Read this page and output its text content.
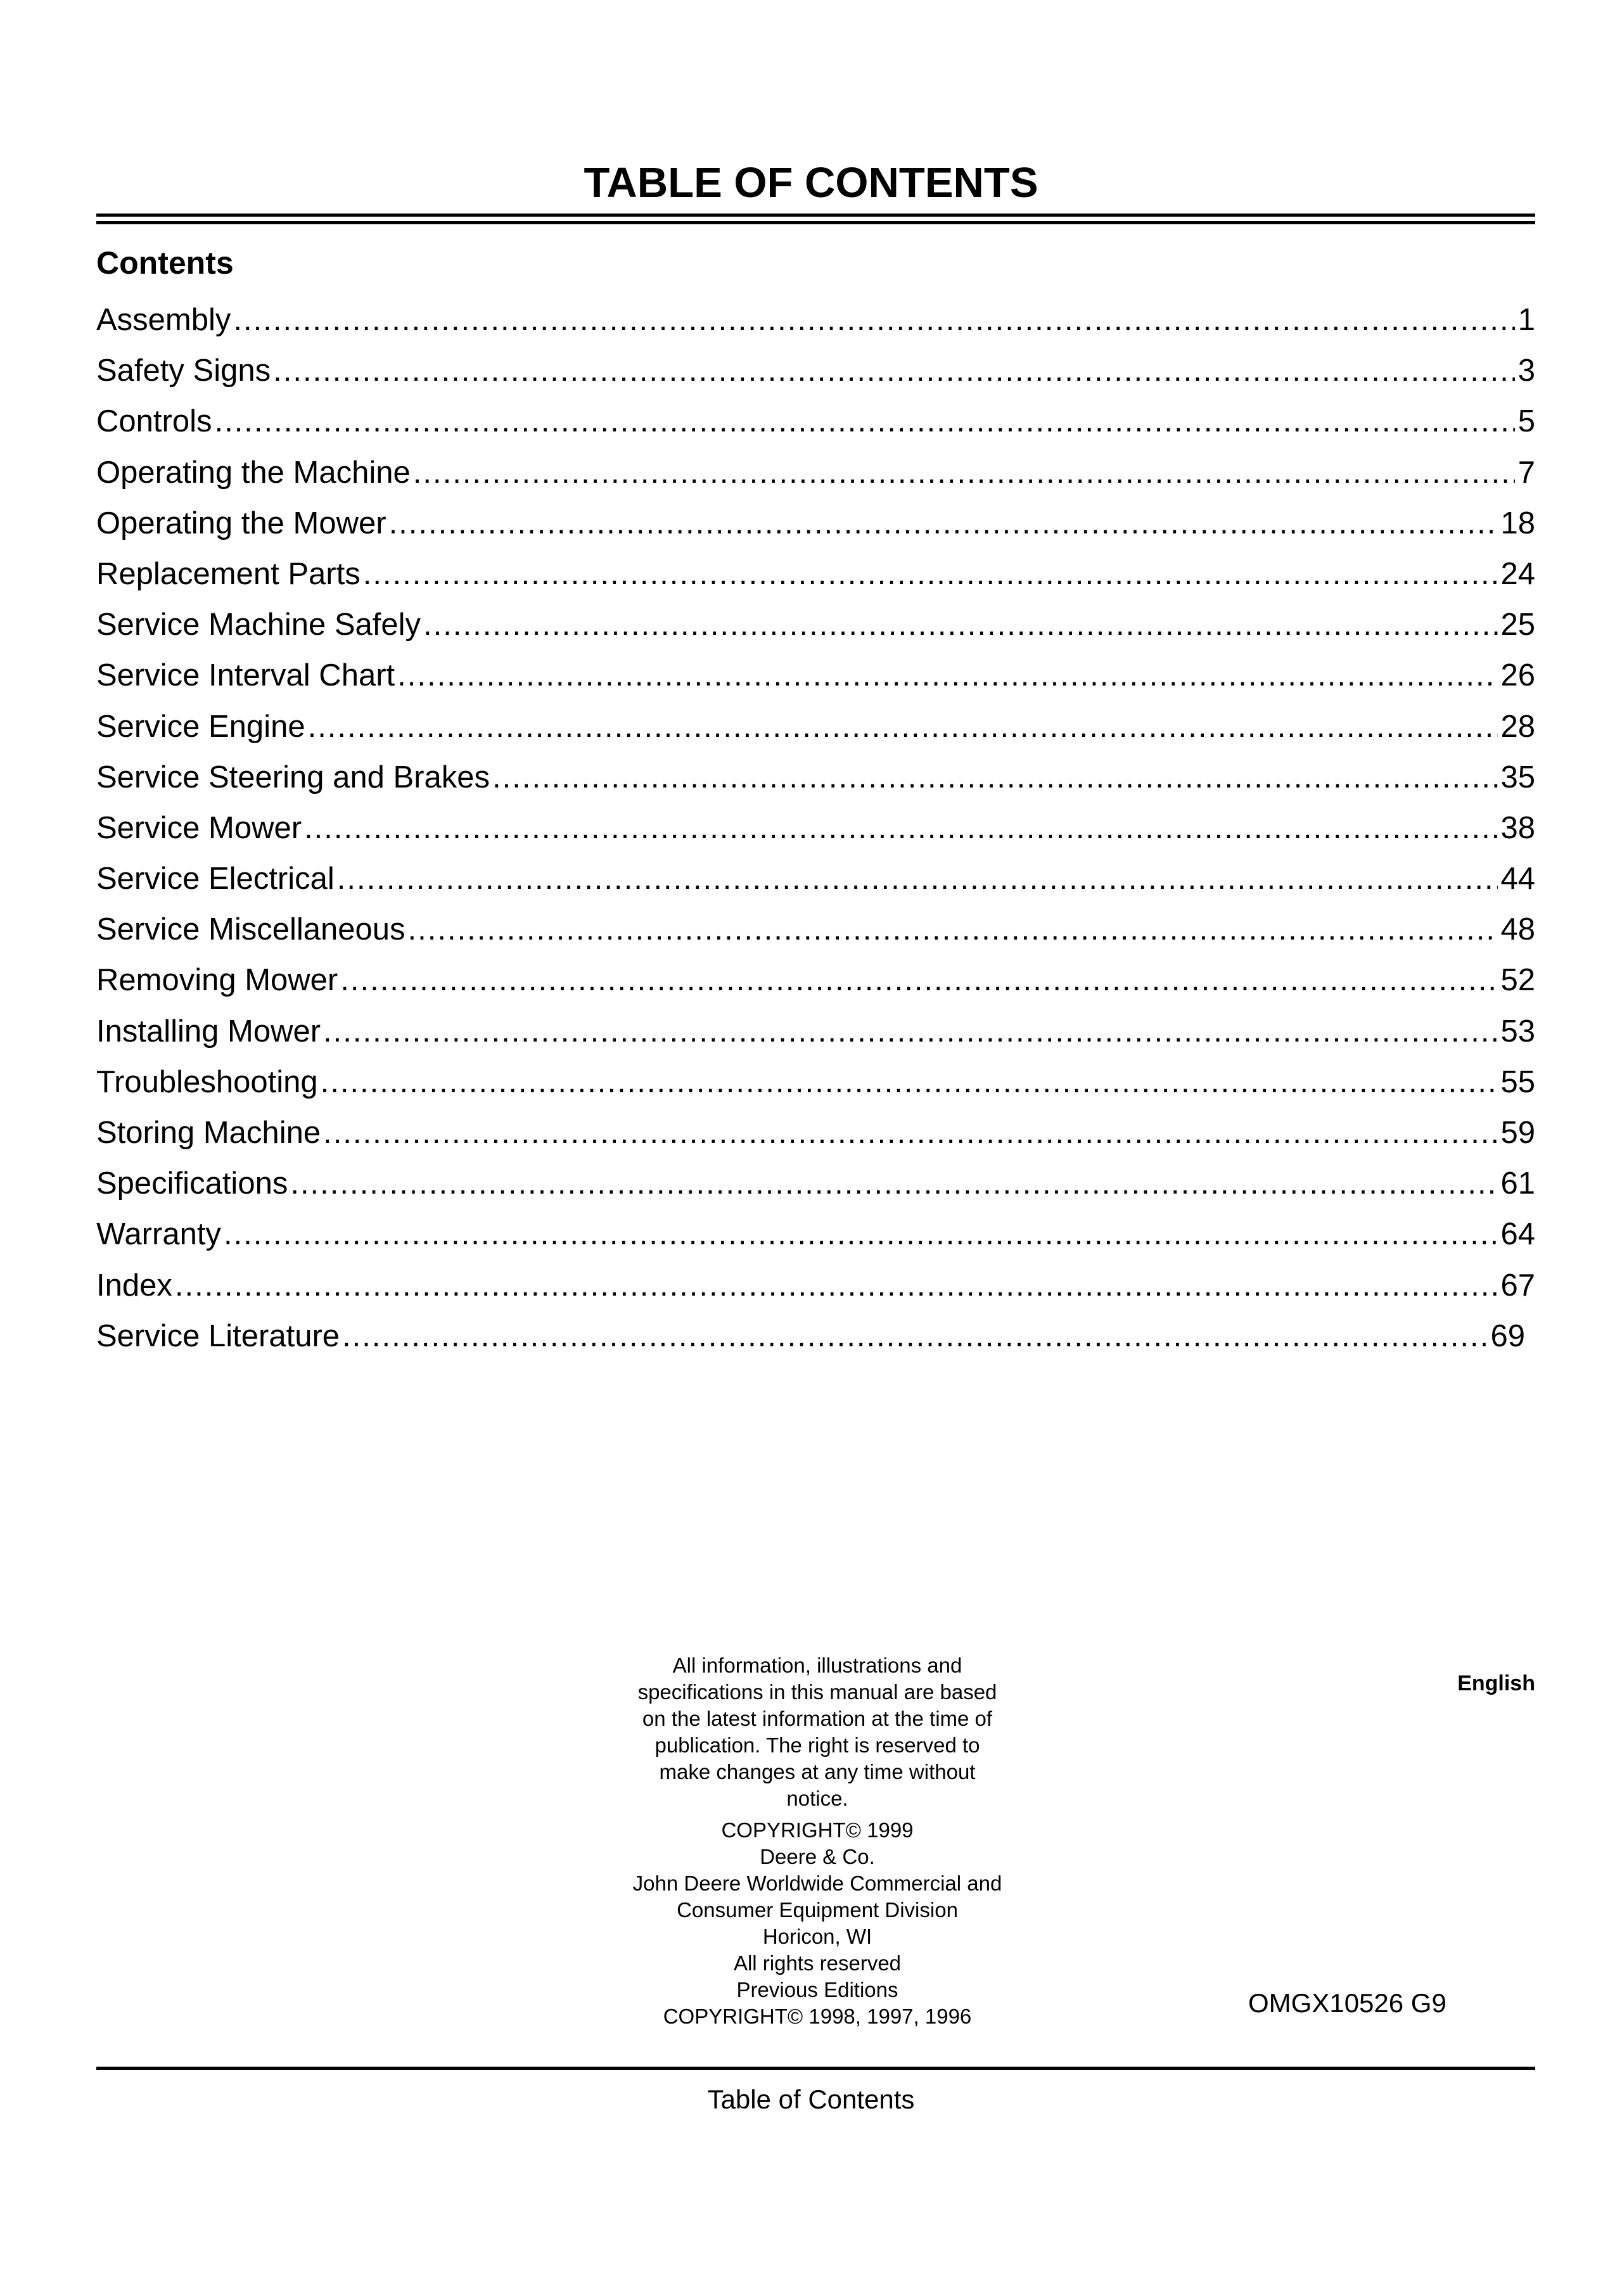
TABLE OF CONTENTS
Contents
Assembly .....	1
Safety Signs .....	3
Controls .....	5
Operating the Machine .....	7
Operating the Mower .....	18
Replacement Parts .....	24
Service Machine Safely .....	25
Service Interval Chart .....	26
Service Engine .....	28
Service Steering and Brakes .....	35
Service Mower .....	38
Service Electrical .....	44
Service Miscellaneous .....	48
Removing Mower .....	52
Installing Mower .....	53
Troubleshooting .....	55
Storing Machine .....	59
Specifications .....	61
Warranty .....	64
Index .....	67
Service Literature .....	69

All information, illustrations and

specifications in this manual are based

on the latest information at the time of

publication. The right is reserved to

make changes at any time without

notice.

COPYRIGHT© 1999

Deere & Co.

John Deere Worldwide Commercial and

Consumer Equipment Division

Horicon, WI

All rights reserved

Previous Editions

COPYRIGHT© 1998, 1997, 1996

English
OMGX10526 G9
Table of Contents
